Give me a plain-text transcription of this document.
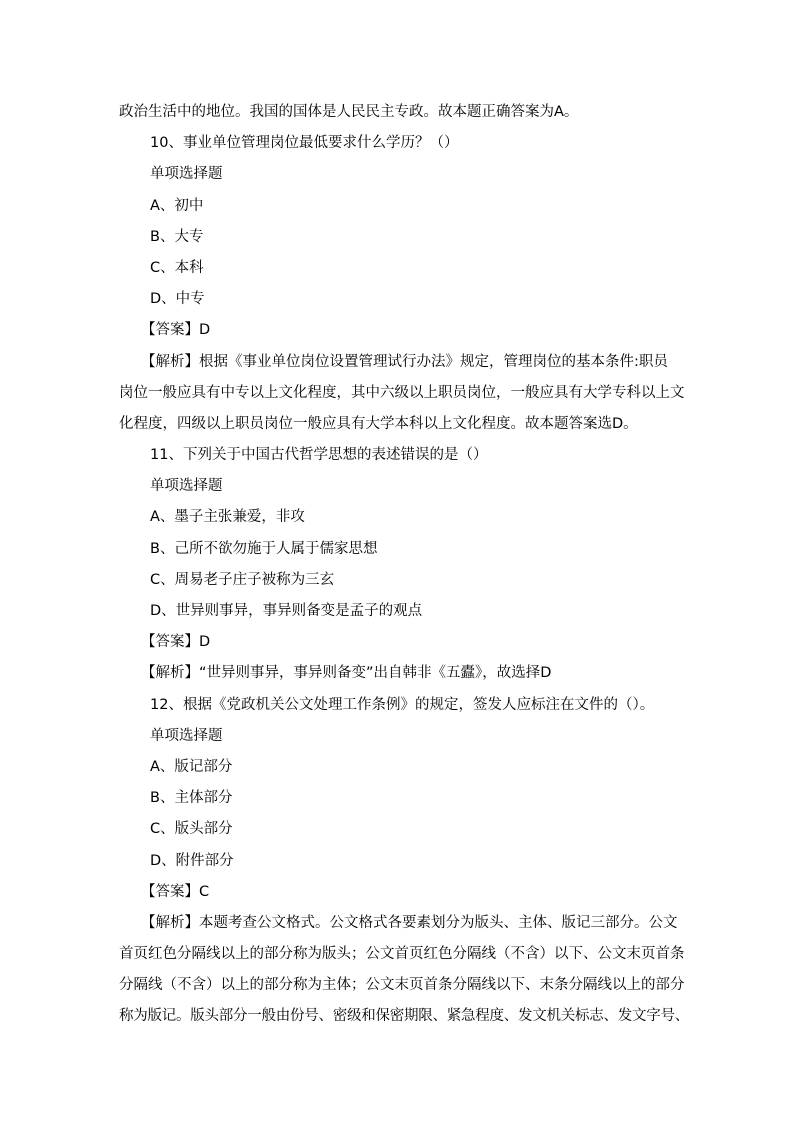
政治生活中的地位。我国的国体是人民民主专政。故本题正确答案为A。
10、事业单位管理岗位最低要求什么学历？（）
单项选择题
A、初中
B、大专
C、本科
D、中专
【答案】D
【解析】根据《事业单位岗位设置管理试行办法》规定，管理岗位的基本条件:职员
岗位一般应具有中专以上文化程度，其中六级以上职员岗位，一般应具有大学专科以上文
化程度，四级以上职员岗位一般应具有大学本科以上文化程度。故本题答案选D。
11、下列关于中国古代哲学思想的表述错误的是（）
单项选择题
A、墨子主张兼爱，非攻
B、己所不欲勿施于人属于儒家思想
C、周易老子庄子被称为三玄
D、世异则事异，事异则备变是孟子的观点
【答案】D
【解析】“世异则事异，事异则备变”出自韩非《五蠹》，故选择D
12、根据《党政机关公文处理工作条例》的规定，签发人应标注在文件的（）。
单项选择题
A、版记部分
B、主体部分
C、版头部分
D、附件部分
【答案】C
【解析】本题考查公文格式。公文格式各要素划分为版头、主体、版记三部分。公文
首页红色分隔线以上的部分称为版头；公文首页红色分隔线（不含）以下、公文末页首条
分隔线（不含）以上的部分称为主体；公文末页首条分隔线以下、末条分隔线以上的部分
称为版记。版头部分一般由份号、密级和保密期限、紧急程度、发文机关标志、发文字号、
